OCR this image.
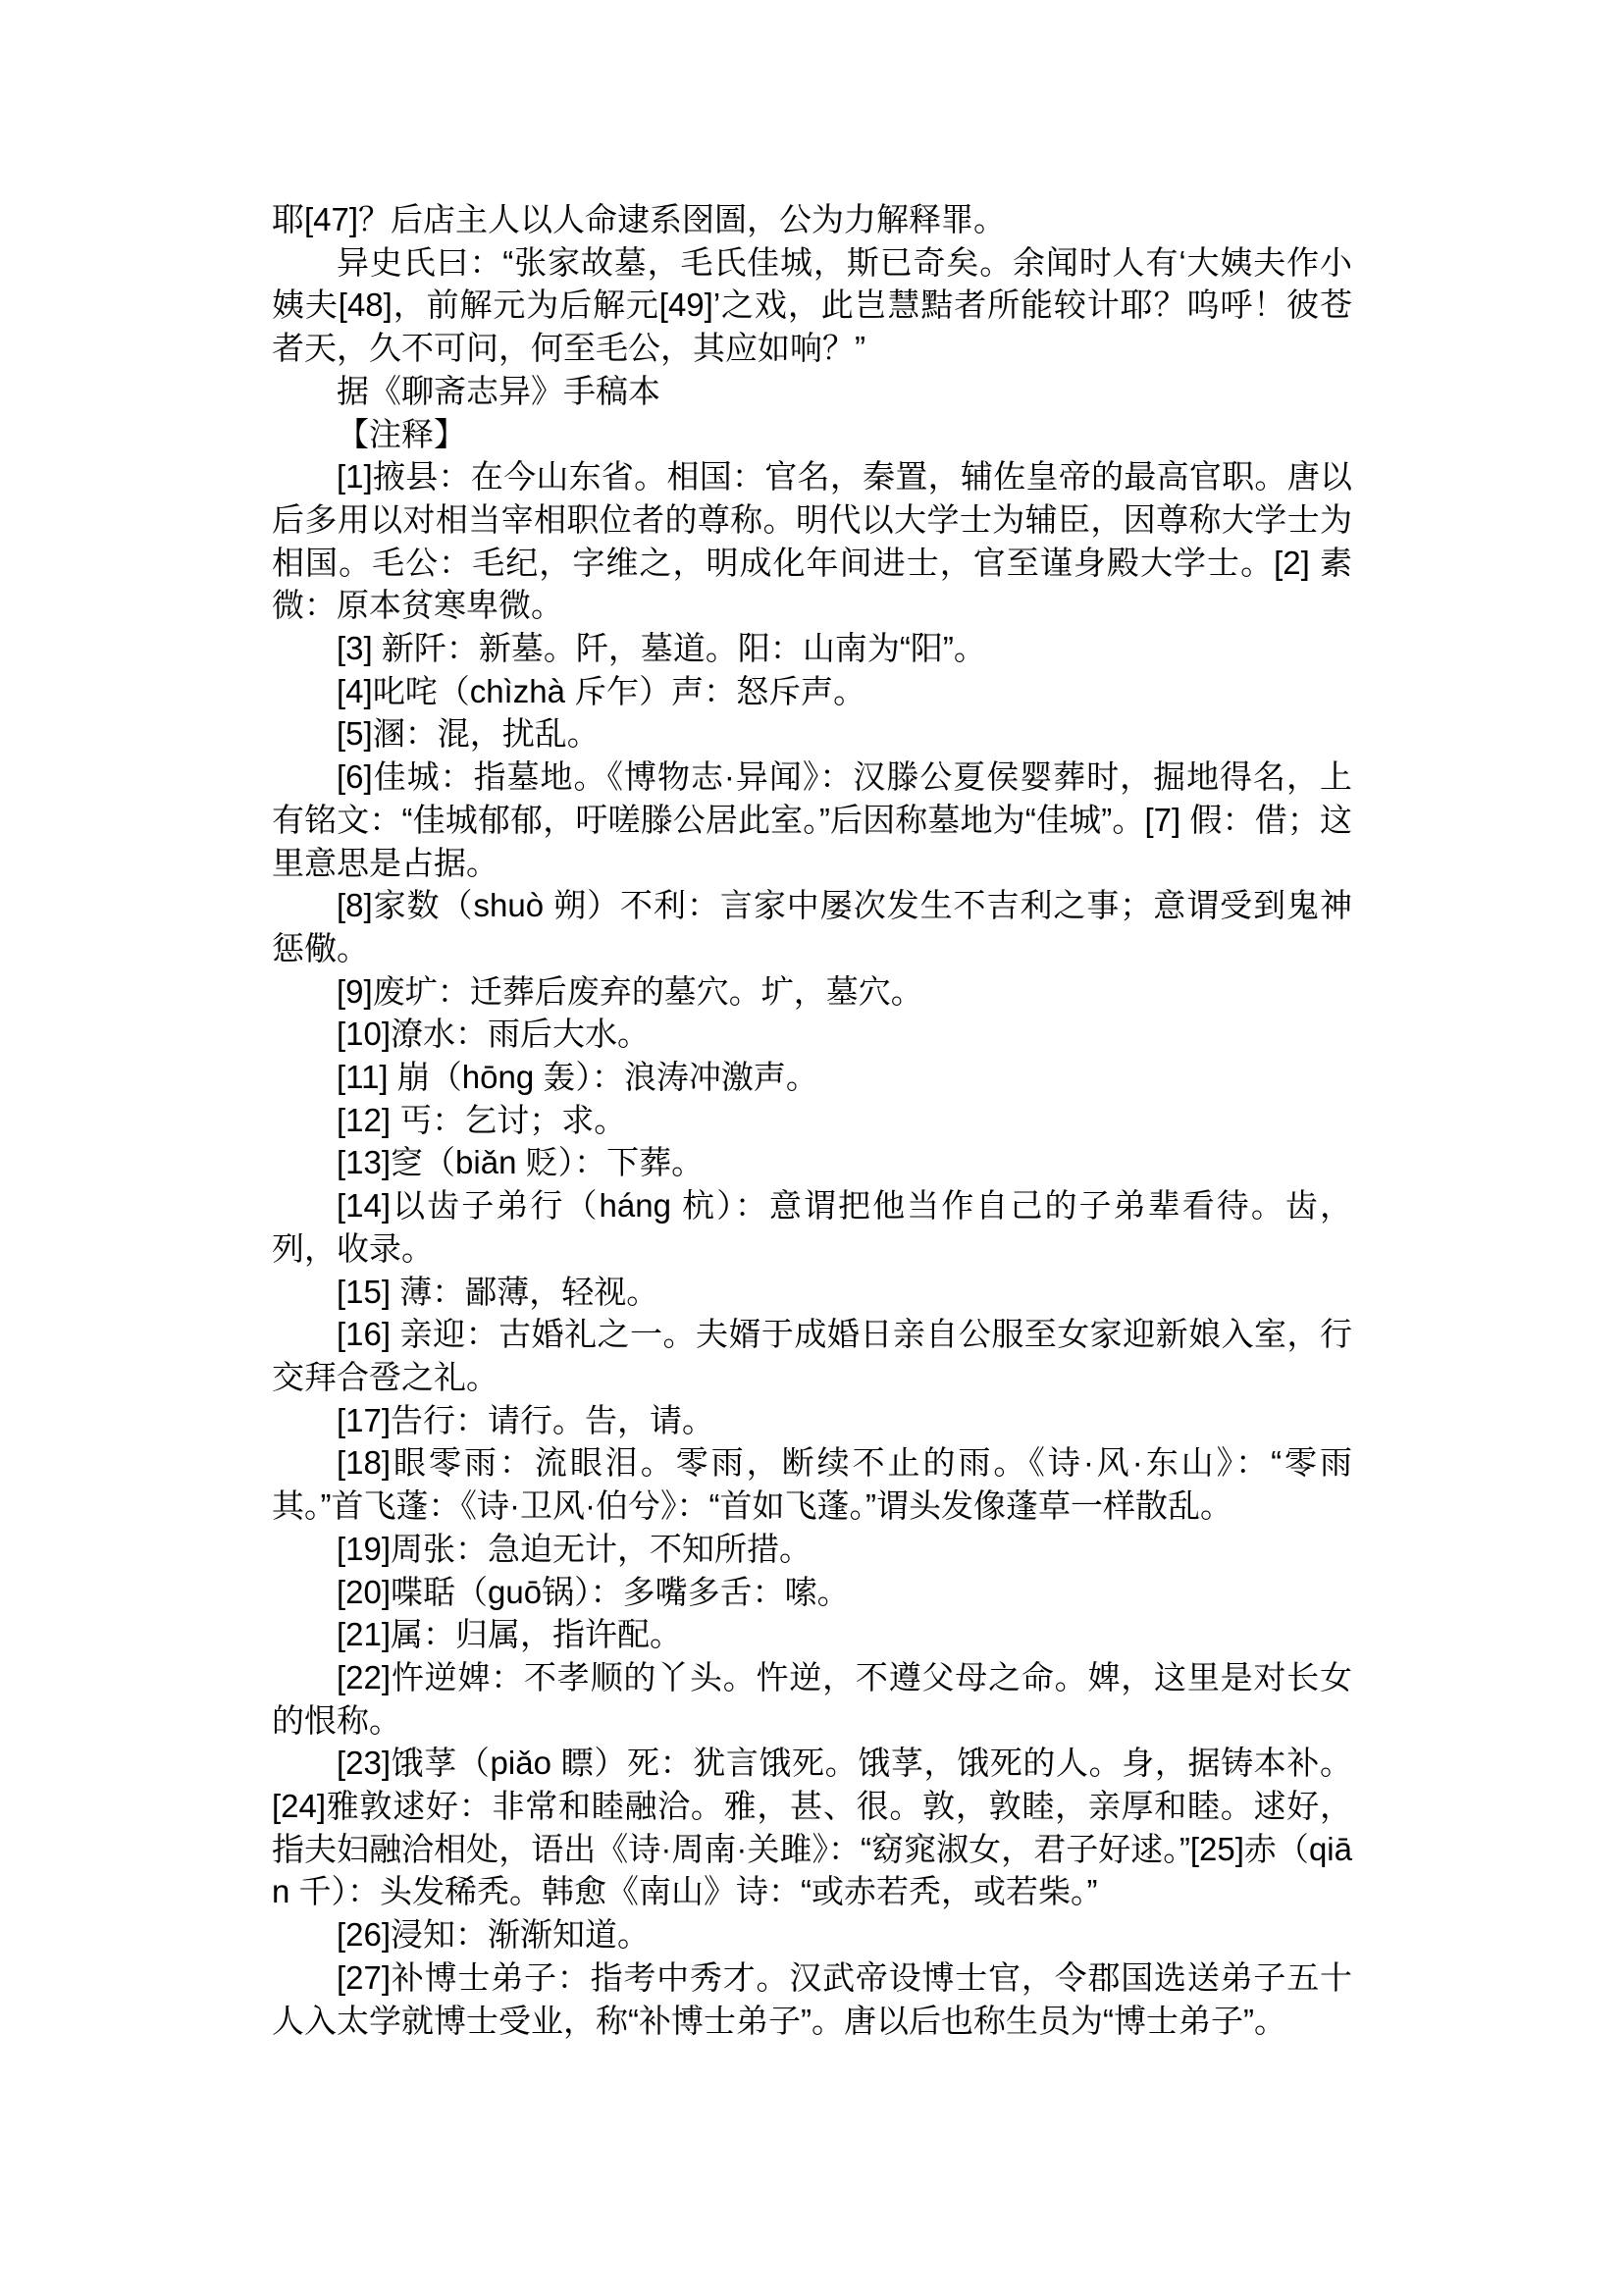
耶[47]？后店主人以人命逮系囹圄，公为力解释罪。

异史氏曰：“张家故墓，毛氏佳城，斯已奇矣。余闻时人有‘大姨夫作小姨夫[48]，前解元为后解元[49]’之戏，此岂慧黠者所能较计耶？呜呼！彼苍者天，久不可问，何至毛公，其应如响？”

据《聊斋志异》手稿本

【注释】

[1]掖县：在今山东省。相国：官名，秦置，辅佐皇帝的最高官职。唐以后多用以对相当宰相职位者的尊称。明代以大学士为辅臣，因尊称大学士为相国。毛公：毛纪，字维之，明成化年间进士，官至谨身殿大学士。[2] 素微：原本贫寒卑微。

[3] 新阡：新墓。阡，墓道。阳：山南为“阳”。

[4]叱咤（chìzhà 斥乍）声：怒斥声。

[5]溷：混，扰乱。

[6]佳城：指墓地。《博物志·异闻》：汉滕公夏侯婴葬时，掘地得名，上有铭文：“佳城郁郁，吁嗟滕公居此室。”后因称墓地为“佳城”。[7] 假：借；这里意思是占据。

[8]家数（shuò 朔）不利：言家中屡次发生不吉利之事；意谓受到鬼神惩儆。

[9]废圹：迁葬后废弃的墓穴。圹，墓穴。

[10]潦水：雨后大水。

[11] 崩（hōng 轰）：浪涛冲激声。

[12] 丐：乞讨；求。

[13]窆（biǎn 贬）：下葬。

[14]以齿子弟行（háng 杭）：意谓把他当作自己的子弟辈看待。齿，列，收录。

[15] 薄：鄙薄，轻视。

[16] 亲迎：古婚礼之一。夫婿于成婚日亲自公服至女家迎新娘入室，行交拜合卺之礼。

[17]告行：请行。告，请。

[18]眼零雨：流眼泪。零雨，断续不止的雨。《诗·风·东山》：“零雨其。”首飞蓬：《诗·卫风·伯兮》：“首如飞蓬。”谓头发像蓬草一样散乱。

[19]周张：急迫无计，不知所措。

[20]喋聒（guō锅）：多嘴多舌：嗦。

[21]属：归属，指许配。

[22]忤逆婢：不孝顺的丫头。忤逆，不遵父母之命。婢，这里是对长女的恨称。

[23]饿莩（piǎo 瞟）死：犹言饿死。饿莩，饿死的人。身，据铸本补。[24]雅敦逑好：非常和睦融洽。雅，甚、很。敦，敦睦，亲厚和睦。逑好，指夫妇融洽相处，语出《诗·周南·关雎》：“窈窕淑女，君子好逑。”[25]赤（qiān 千）：头发稀秃。韩愈《南山》诗：“或赤若秃，或若柴。”

[26]浸知：渐渐知道。

[27]补博士弟子：指考中秀才。汉武帝设博士官，令郡国选送弟子五十人入太学就博士受业，称“补博士弟子”。唐以后也称生员为“博士弟子”。
